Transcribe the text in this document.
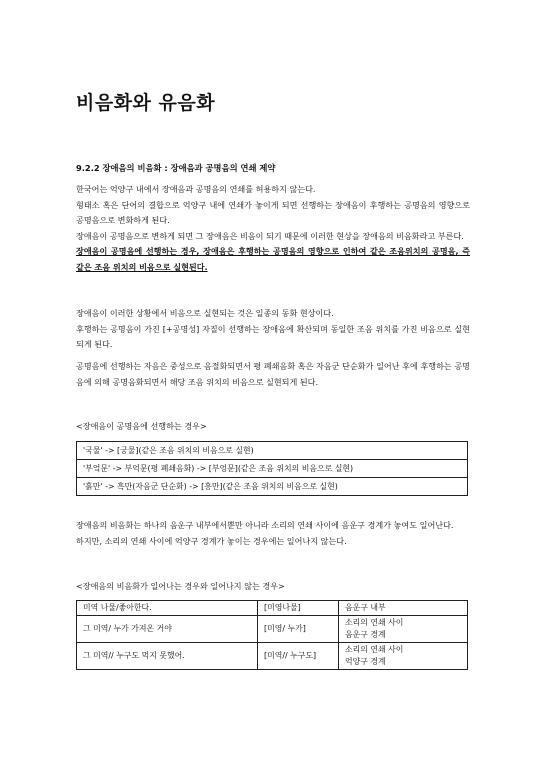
비음화와 유음화
9.2.2 장애음의 비음화 : 장애음과 공명음의 연쇄 제약

한국어는 억양구 내에서 장애음과 공명음의 연쇄를 허용하지 않는다.

형태소 혹은 단어의 결합으로 억양구 내에 연쇄가 놓이게 되면 선행하는 장애음이 후행하는 공명음의 영향으로 공명음으로 변화하게 된다.

장애음이 공명음으로 변하게 되면 그 장애음은 비음이 되기 때문에 이러한 현상을 장애음의 비음화라고 부른다.

장애음이 공명음에 선행하는 경우, 장애음은 후행하는 공명음의 영향으로 인하여 같은 조음위치의 공명음, 즉 같은 조음 위치의 비음으로 실현된다.

장애음이 이러한 상황에서 비음으로 실현되는 것은 일종의 동화 현상이다.

후행하는 공명음이 가진 [+공명성] 자질이 선행하는 장애음에 확산되며 동일한 조음 위치를 가진 비음으로 실현되게 된다.

공명음에 선행하는 자음은 중성으로 음절화되면서 평 폐쇄음화 혹은 자음군 단순화가 일어난 후에 후행하는 공명음에 의해 공명음화되면서 해당 조음 위치의 비음으로 실현되게 된다.

<장애음이 공명음에 선행하는 경우>
'국물' -> [궁물](같은 조음 위치의 비음으로 실현)
'부엌문' -> 부억문(평 폐쇄음화) -> [부엉문](같은 조음 위치의 비음으로 실현)
'흙만' -> 흑만(자음군 단순화) -> [흥만](같은 조음 위치의 비음으로 실현)

장애음의 비음화는 하나의 음운구 내부에서뿐만 아니라 소리의 연쇄 사이에 음운구 경계가 놓여도 일어난다.

하지만, 소리의 연쇄 사이에 억양구 경계가 놓이는 경우에는 일어나지 않는다.

<장애음의 비음화가 일어나는 경우와 일어나지 않는 경우>
미역 나물/좋아한다.	[미영나물]	음운구 내부

그 미역/ 누가 가져온 거야	[미영/ 누가]	소리의 연쇄 사이
음운구 경계

그 미역// 누구도 먹지 못했어.	[미역// 누구도]	소리의 연쇄 사이
억양구 경계
